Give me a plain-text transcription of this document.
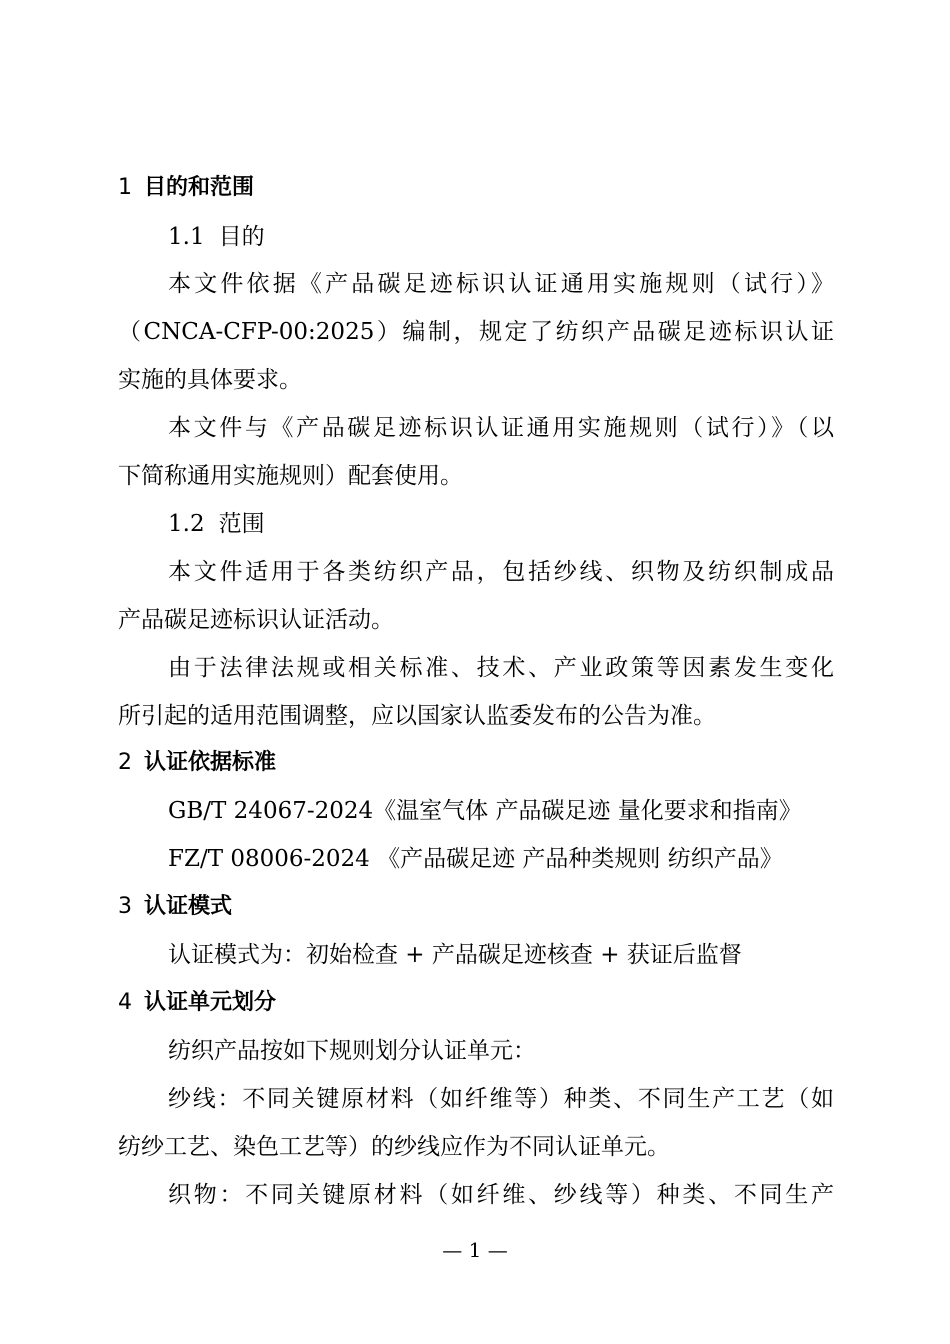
1 目的和范围
1.1 目的
本文件依据《产品碳足迹标识认证通用实施规则（试行）》
（CNCA-CFP-00:2025）编制，规定了纺织产品碳足迹标识认证
实施的具体要求。
本文件与《产品碳足迹标识认证通用实施规则（试行）》（以
下简称通用实施规则）配套使用。
1.2 范围
本文件适用于各类纺织产品，包括纱线、织物及纺织制成品
产品碳足迹标识认证活动。
由于法律法规或相关标准、技术、产业政策等因素发生变化
所引起的适用范围调整，应以国家认监委发布的公告为准。
2 认证依据标准
GB/T 24067-2024《温室气体 产品碳足迹 量化要求和指南》
FZ/T 08006-2024 《产品碳足迹 产品种类规则 纺织产品》
3 认证模式
认证模式为：初始检查 + 产品碳足迹核查 + 获证后监督
4 认证单元划分
纺织产品按如下规则划分认证单元：
纱线：不同关键原材料（如纤维等）种类、不同生产工艺（如
纺纱工艺、染色工艺等）的纱线应作为不同认证单元。
织物：不同关键原材料（如纤维、纱线等）种类、不同生产
— 1 —
